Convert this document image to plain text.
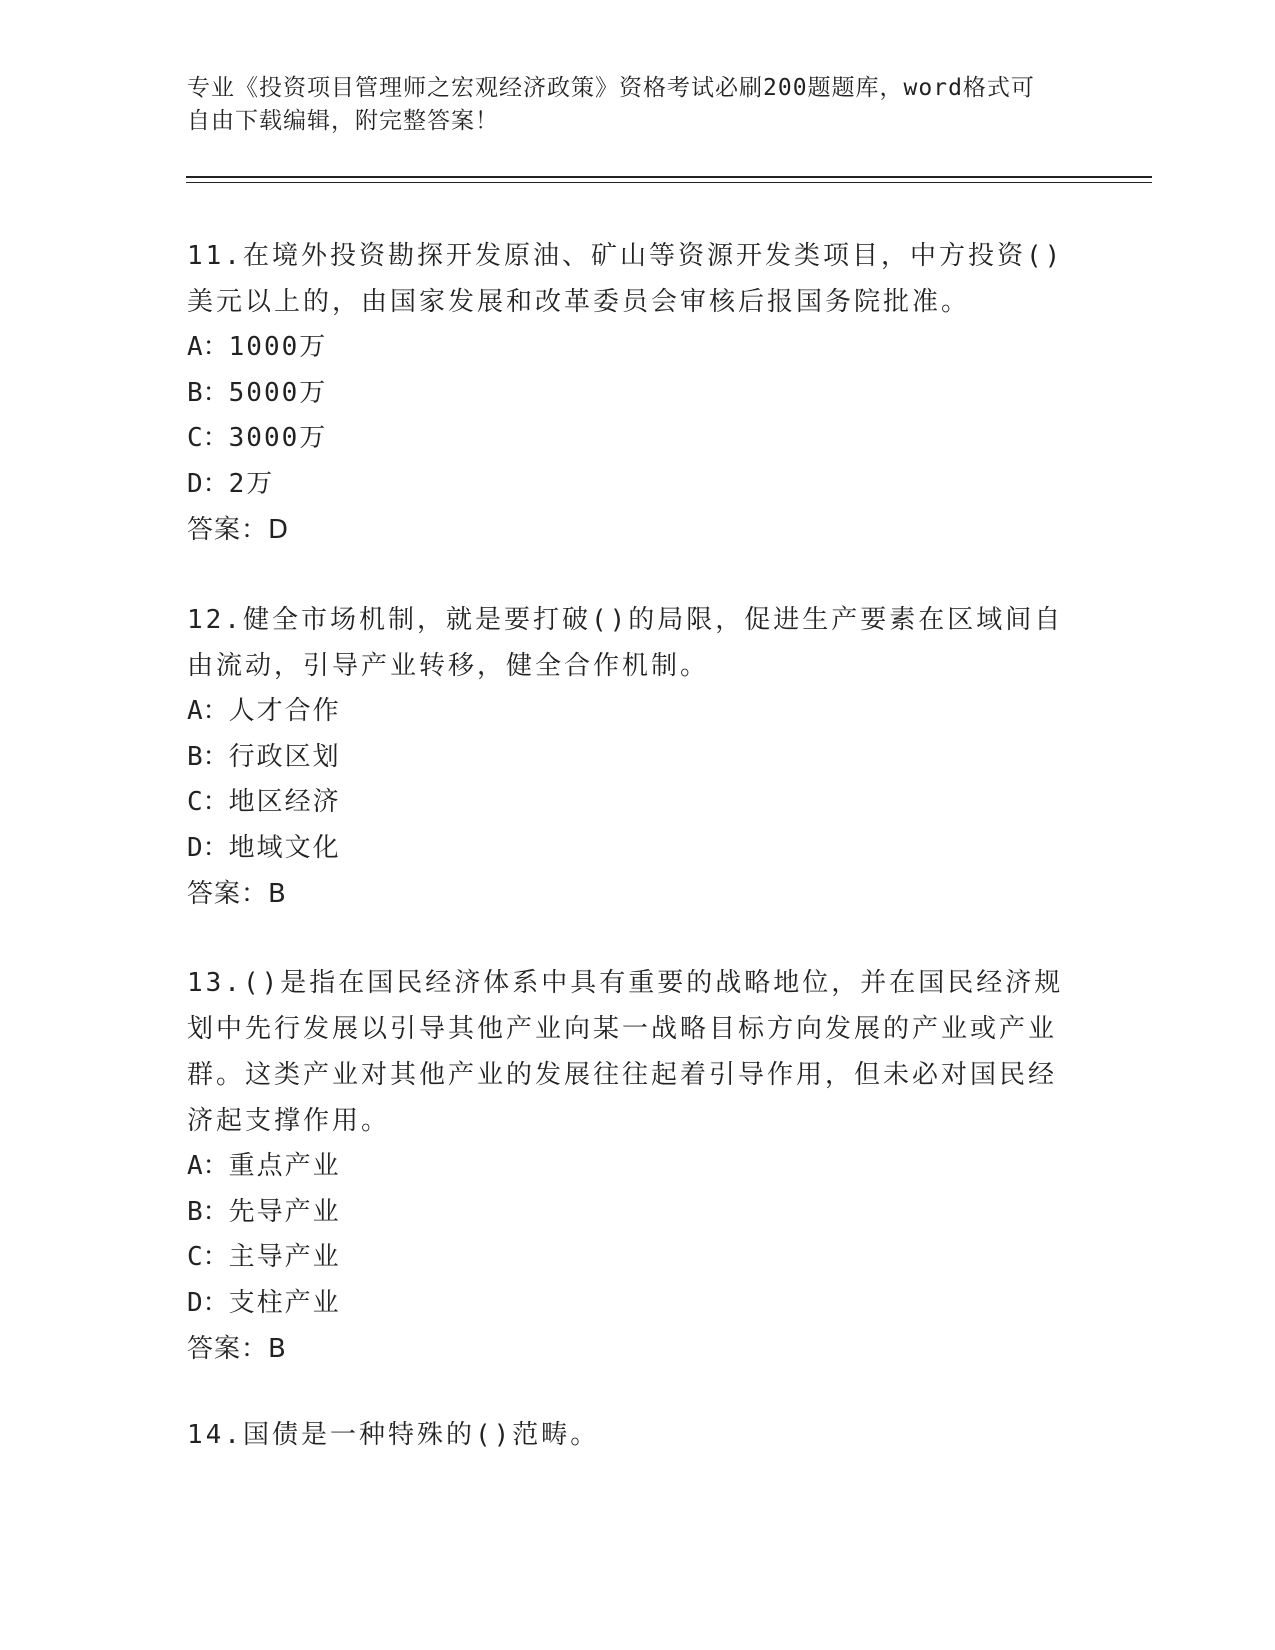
专业《投资项目管理师之宏观经济政策》资格考试必刷200题题库，word格式可
自由下载编辑，附完整答案！

11.在境外投资勘探开发原油、矿山等资源开发类项目，中方投资()美元以上的，由国家发展和改革委员会审核后报国务院批准。

A：1000万

B：5000万

C：3000万

D：2万

答案：D

12.健全市场机制，就是要打破()的局限，促进生产要素在区域间自由流动，引导产业转移，健全合作机制。

A：人才合作

B：行政区划

C：地区经济

D：地域文化

答案：B

13.()是指在国民经济体系中具有重要的战略地位，并在国民经济规划中先行发展以引导其他产业向某一战略目标方向发展的产业或产业群。这类产业对其他产业的发展往往起着引导作用，但未必对国民经济起支撑作用。

A：重点产业

B：先导产业

C：主导产业

D：支柱产业

答案：B

14.国债是一种特殊的()范畴。
